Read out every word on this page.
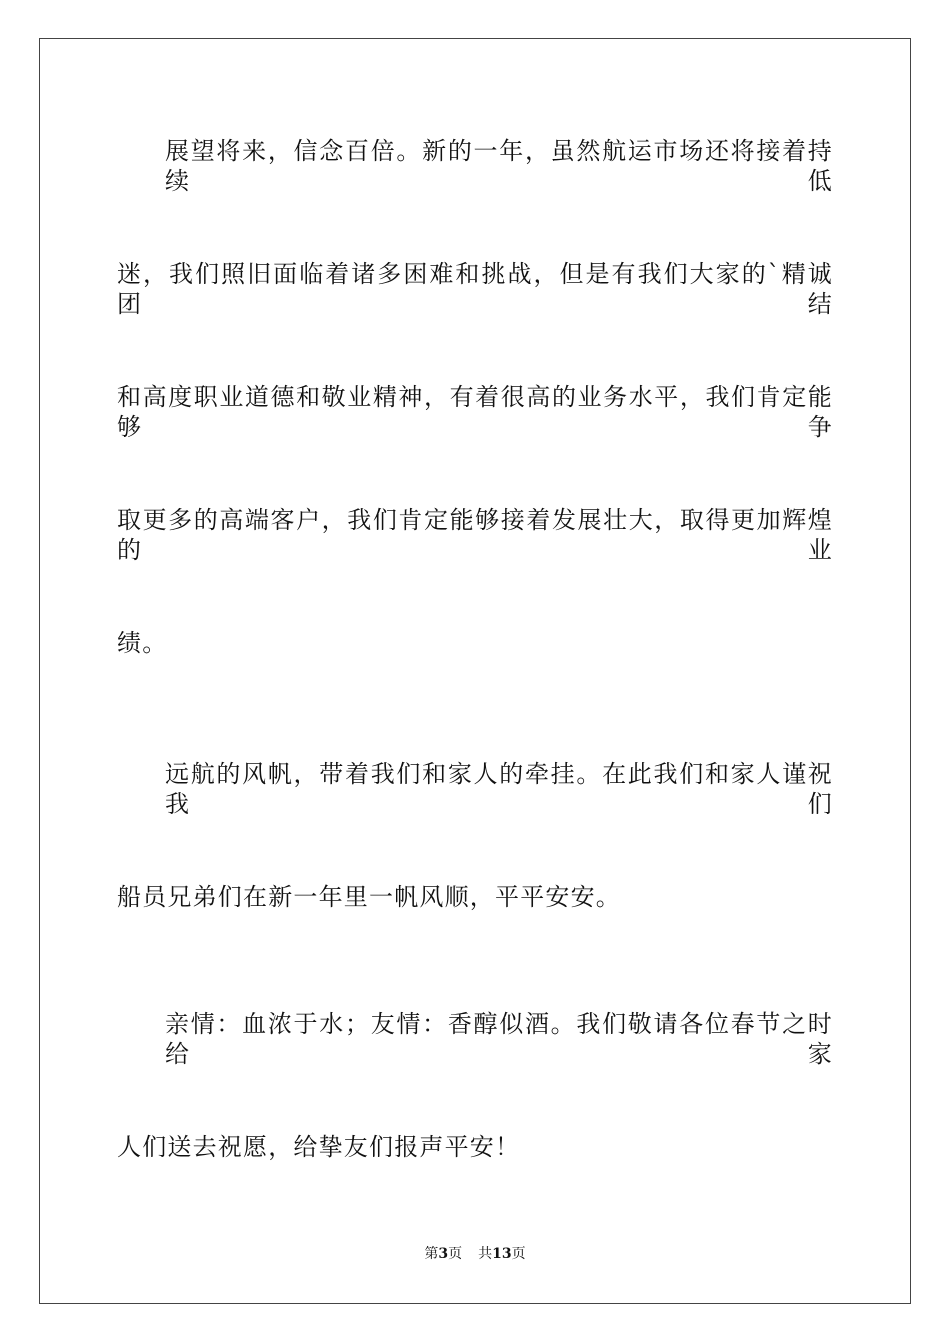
展望将来，信念百倍。新的一年，虽然航运市场还将接着持续低
迷，我们照旧面临着诸多困难和挑战，但是有我们大家的`精诚团结
和高度职业道德和敬业精神，有着很高的业务水平，我们肯定能够争
取更多的高端客户，我们肯定能够接着发展壮大，取得更加辉煌的业
绩。
远航的风帆，带着我们和家人的牵挂。在此我们和家人谨祝我们
船员兄弟们在新一年里一帆风顺，平平安安。
亲情：血浓于水；友情：香醇似酒。我们敬请各位春节之时给家
人们送去祝愿，给挚友们报声平安！
第3页 共13页
